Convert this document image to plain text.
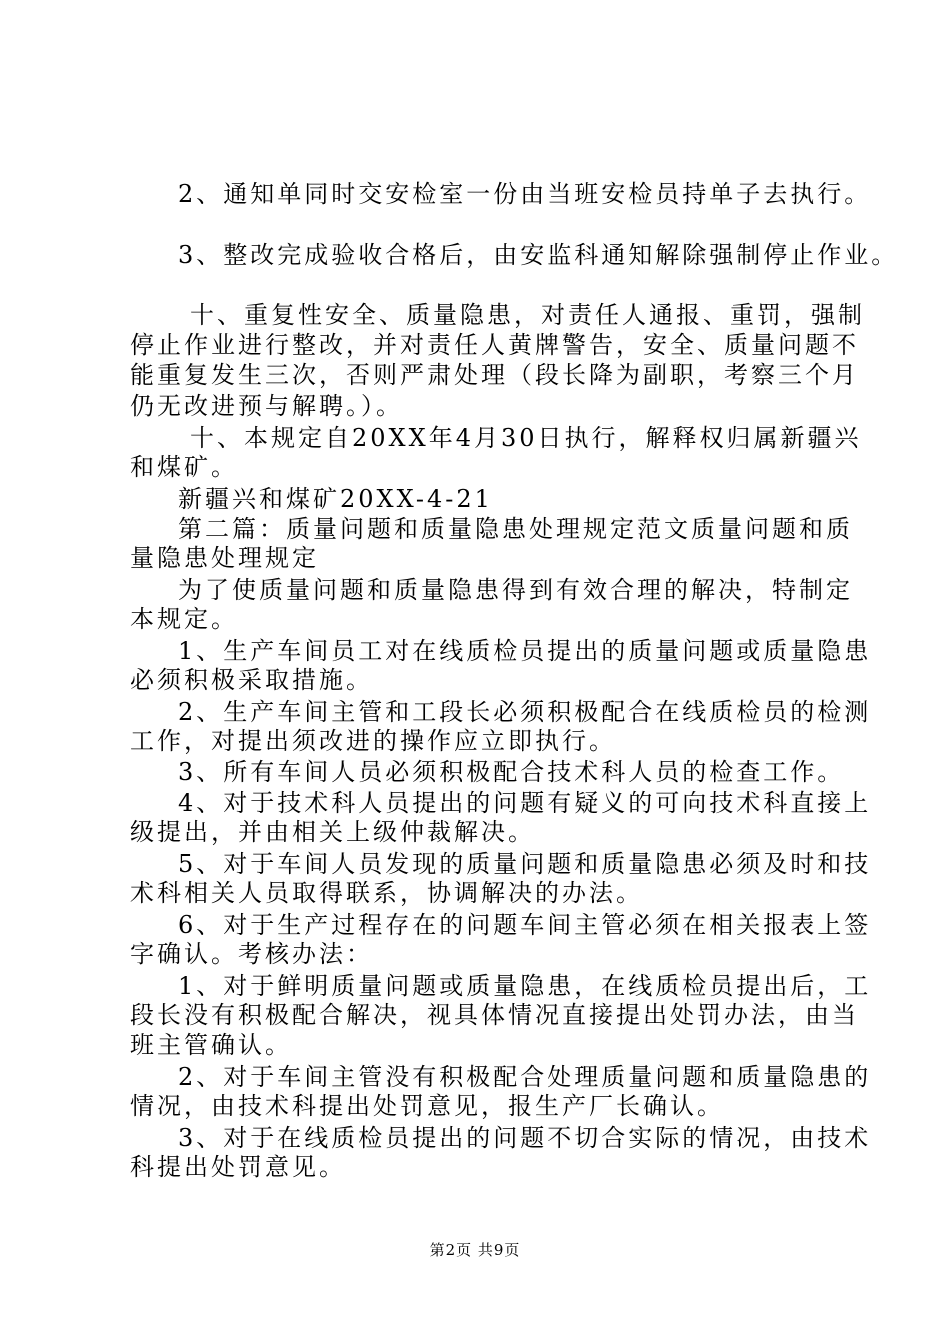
2、通知单同时交安检室一份由当班安检员持单子去执行。
3、整改完成验收合格后，由安监科通知解除强制停止作业。
十、重复性安全、质量隐患，对责任人通报、重罚，强制
停止作业进行整改，并对责任人黄牌警告，安全、质量问题不
能重复发生三次，否则严肃处理（段长降为副职，考察三个月
仍无改进预与解聘。）。
十、本规定自20XX年4月30日执行，解释权归属新疆兴
和煤矿。
新疆兴和煤矿20XX-4-21
第二篇：质量问题和质量隐患处理规定范文质量问题和质
量隐患处理规定
为了使质量问题和质量隐患得到有效合理的解决，特制定
本规定。
1、生产车间员工对在线质检员提出的质量问题或质量隐患
必须积极采取措施。
2、生产车间主管和工段长必须积极配合在线质检员的检测
工作，对提出须改进的操作应立即执行。
3、所有车间人员必须积极配合技术科人员的检查工作。
4、对于技术科人员提出的问题有疑义的可向技术科直接上
级提出，并由相关上级仲裁解决。
5、对于车间人员发现的质量问题和质量隐患必须及时和技
术科相关人员取得联系，协调解决的办法。
6、对于生产过程存在的问题车间主管必须在相关报表上签
字确认。考核办法：
1、对于鲜明质量问题或质量隐患，在线质检员提出后，工
段长没有积极配合解决，视具体情况直接提出处罚办法，由当
班主管确认。
2、对于车间主管没有积极配合处理质量问题和质量隐患的
情况，由技术科提出处罚意见，报生产厂长确认。
3、对于在线质检员提出的问题不切合实际的情况，由技术
科提出处罚意见。
第2页 共9页
